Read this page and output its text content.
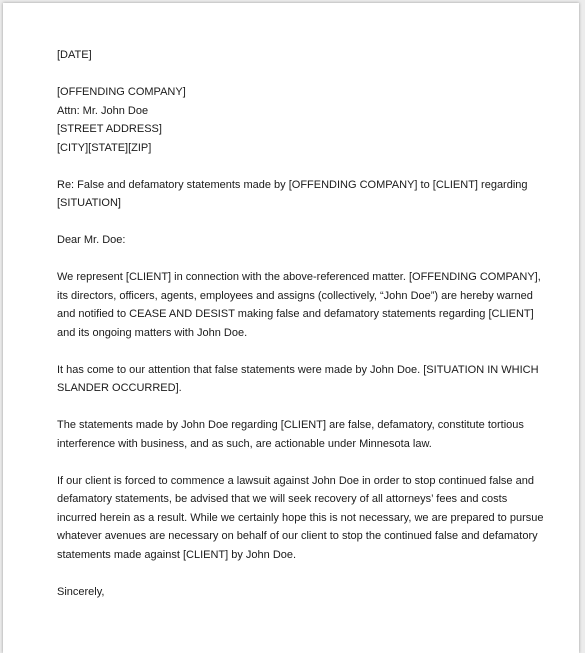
[DATE]
[OFFENDING COMPANY]
Attn: Mr. John Doe
[STREET ADDRESS]
[CITY][STATE][ZIP]
Re: False and defamatory statements made by [OFFENDING COMPANY] to [CLIENT] regarding
[SITUATION]
Dear Mr. Doe:
We represent [CLIENT] in connection with the above-referenced matter. [OFFENDING COMPANY],
its directors, officers, agents, employees and assigns (collectively, “John Doe”) are hereby warned
and notified to CEASE AND DESIST making false and defamatory statements regarding [CLIENT]
and its ongoing matters with John Doe.
It has come to our attention that false statements were made by John Doe. [SITUATION IN WHICH
SLANDER OCCURRED].
The statements made by John Doe regarding [CLIENT] are false, defamatory, constitute tortious
interference with business, and as such, are actionable under Minnesota law.
If our client is forced to commence a lawsuit against John Doe in order to stop continued false and
defamatory statements, be advised that we will seek recovery of all attorneys’ fees and costs
incurred herein as a result. While we certainly hope this is not necessary, we are prepared to pursue
whatever avenues are necessary on behalf of our client to stop the continued false and defamatory
statements made against [CLIENT] by John Doe.
Sincerely,
